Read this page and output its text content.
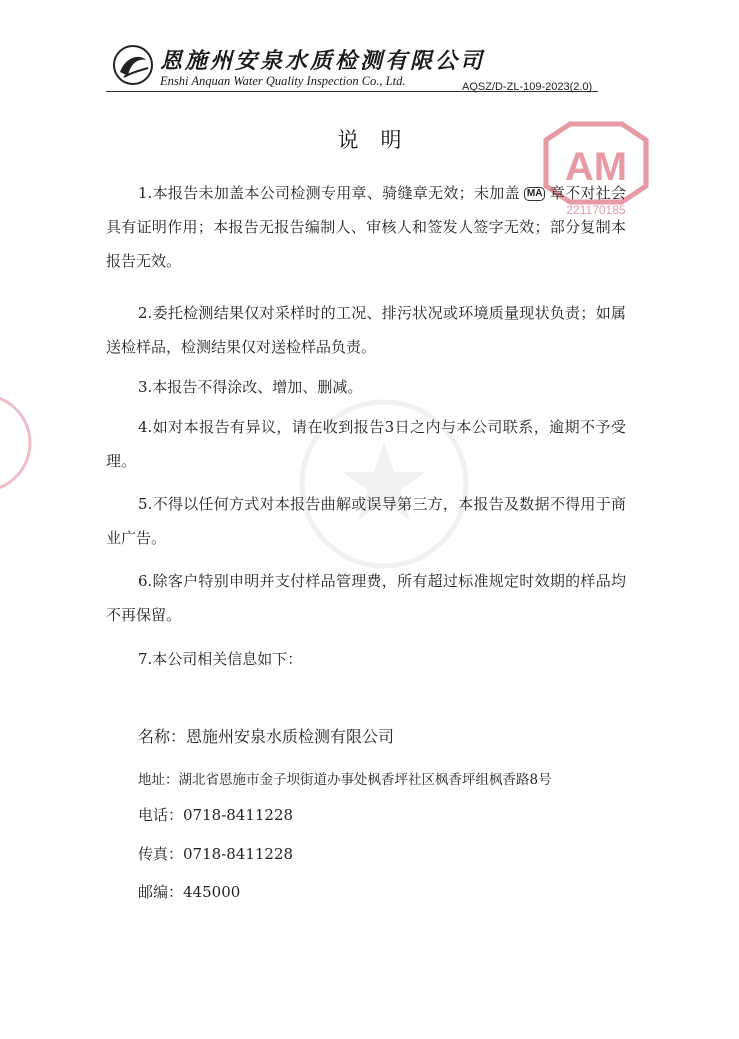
恩施州安泉水质检测有限公司
Enshi Anquan Water Quality Inspection Co., Ltd.	AQSZ/D-ZL-109-2023(2.0)
AM
221170185
说明
1.本报告未加盖本公司检测专用章、骑缝章无效；未加盖 MA 章不对社会具有证明作用；本报告无报告编制人、审核人和签发人签字无效；部分复制本报告无效。
2.委托检测结果仅对采样时的工况、排污状况或环境质量现状负责；如属送检样品，检测结果仅对送检样品负责。
3.本报告不得涂改、增加、删减。
4.如对本报告有异议，请在收到报告3日之内与本公司联系，逾期不予受理。
5.不得以任何方式对本报告曲解或误导第三方，本报告及数据不得用于商业广告。
6.除客户特别申明并支付样品管理费，所有超过标准规定时效期的样品均不再保留。
7.本公司相关信息如下：
名称：恩施州安泉水质检测有限公司
地址：湖北省恩施市金子坝街道办事处枫香坪社区枫香坪组枫香路8号
电话：0718-8411228
传真：0718-8411228
邮编：445000
